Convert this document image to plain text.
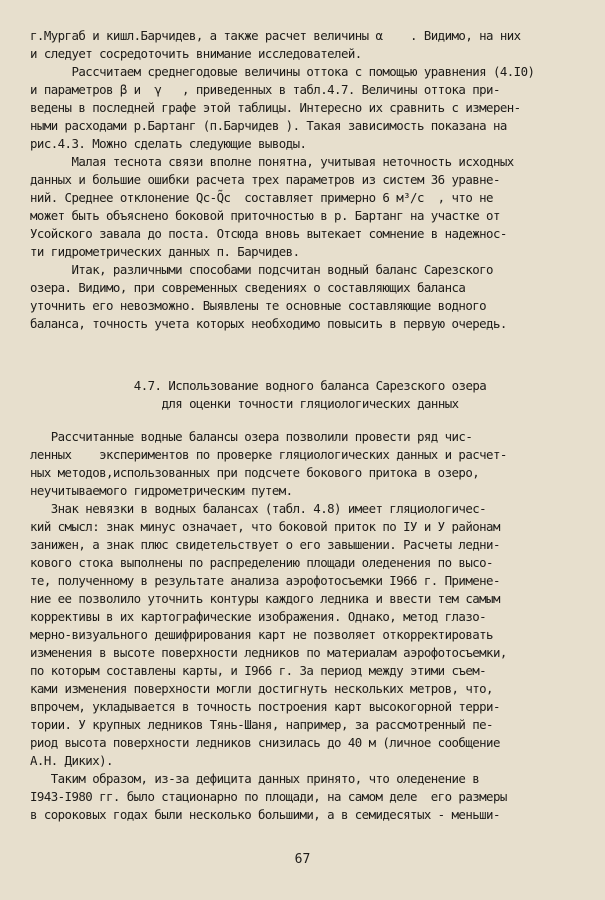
г.Мургаб и кишл.Барчидев, а также расчет величины α    . Видимо, на них
и следует сосредоточить внимание исследователей.
Рассчитаем среднегодовые величины оттока с помощью уравнения (4.I0)
и параметров β и  γ   , приведенных в табл.4.7. Величины оттока при-
ведены в последней графе этой таблицы. Интересно их сравнить с измерен-
ными расходами р.Бартанг (п.Барчидев ). Такая зависимость показана на
рис.4.3. Можно сделать следующие выводы.
Малая теснота связи вполне понятна, учитывая неточность исходных
данных и большие ошибки расчета трех параметров из систем 36 уравне-
ний. Среднее отклонение Qс-Q̃с  составляет примерно 6 м³/с  , что не
может быть объяснено боковой приточностью в р. Бартанг на участке от
Усойского завала до поста. Отсюда вновь вытекает сомнение в надежнос-
ти гидрометрических данных п. Барчидев.
Итак, различными способами подсчитан водный баланс Сарезского
озера. Видимо, при современных сведениях о составляющих баланса
уточнить его невозможно. Выявлены те основные составляющие водного
баланса, точность учета которых необходимо повысить в первую очередь.
4.7. Использование водного баланса Сарезского озера
для оценки точности гляциологических данных
Рассчитанные водные балансы озера позволили провести ряд чис-
ленных    экспериментов по проверке гляциологических данных и расчет-
ных методов,использованных при подсчете бокового притока в озеро,
неучитываемого гидрометрическим путем.
Знак невязки в водных балансах (табл. 4.8) имеет гляциологичес-
кий смысл: знак минус означает, что боковой приток по IУ и У районам
занижен, а знак плюс свидетельствует о его завышении. Расчеты ледни-
кового стока выполнены по распределению площади оледенения по высо-
те, полученному в результате анализа аэрофотосъемки I966 г. Примене-
ние ее позволило уточнить контуры каждого ледника и ввести тем самым
коррективы в их картографические изображения. Однако, метод глазо-
мерно-визуального дешифрирования карт не позволяет откорректировать
изменения в высоте поверхности ледников по материалам аэрофотосъемки,
по которым составлены карты, и I966 г. За период между этими съем-
ками изменения поверхности могли достигнуть нескольких метров, что,
впрочем, укладывается в точность построения карт высокогорной терри-
тории. У крупных ледников Тянь-Шаня, например, за рассмотренный пе-
риод высота поверхности ледников снизилась до 40 м (личное сообщение
А.Н. Диких).
Таким образом, из-за дефицита данных принято, что оледенение в
I943-I980 гг. было стационарно по площади, на самом деле  его размеры
в сороковых годах были несколько большими, а в семидесятых - меньши-
67
